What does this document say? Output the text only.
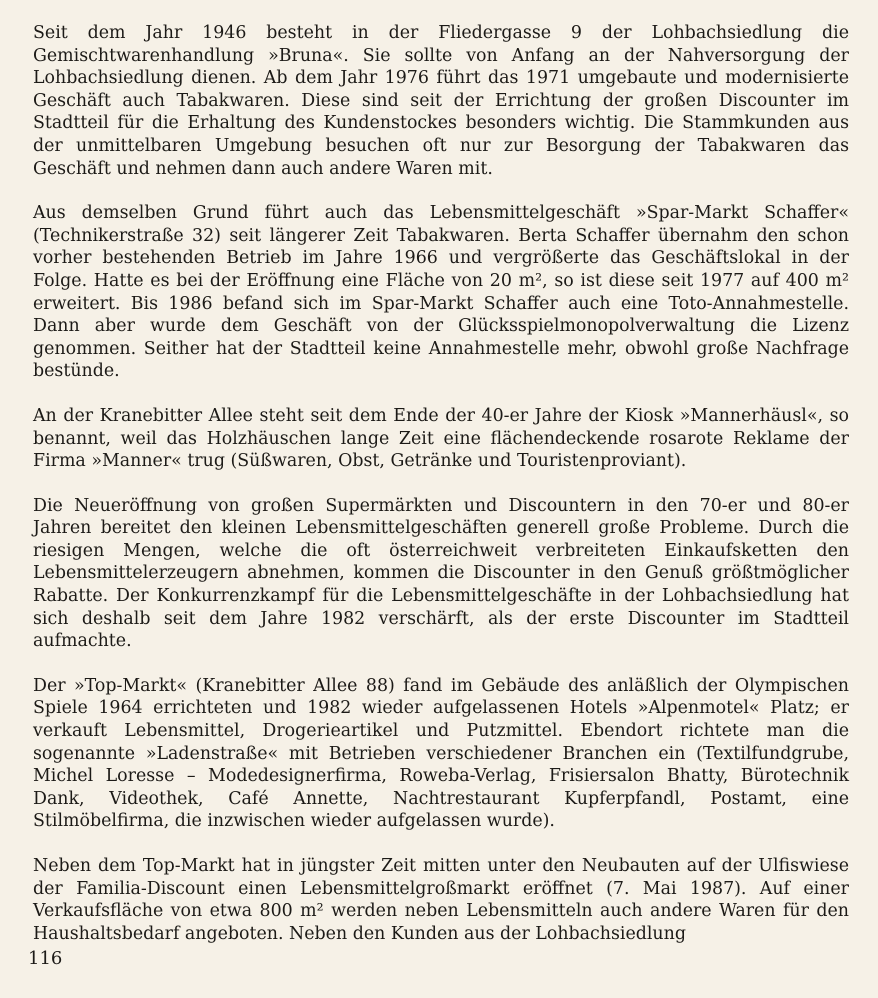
Seit dem Jahr 1946 besteht in der Fliedergasse 9 der Lohbachsiedlung die Gemischtwarenhandlung »Bruna«. Sie sollte von Anfang an der Nahversorgung der Lohbachsiedlung dienen. Ab dem Jahr 1976 führt das 1971 umgebaute und modernisierte Geschäft auch Tabakwaren. Diese sind seit der Errichtung der großen Discounter im Stadtteil für die Erhaltung des Kundenstockes besonders wichtig. Die Stammkunden aus der unmittelbaren Umgebung besuchen oft nur zur Besorgung der Tabakwaren das Geschäft und nehmen dann auch andere Waren mit.

Aus demselben Grund führt auch das Lebensmittelgeschäft »Spar-Markt Schaffer« (Technikerstraße 32) seit längerer Zeit Tabakwaren. Berta Schaffer übernahm den schon vorher bestehenden Betrieb im Jahre 1966 und vergrößerte das Geschäftslokal in der Folge. Hatte es bei der Eröffnung eine Fläche von 20 m², so ist diese seit 1977 auf 400 m² erweitert. Bis 1986 befand sich im Spar-Markt Schaffer auch eine Toto-Annahmestelle. Dann aber wurde dem Geschäft von der Glücksspielmonopolverwaltung die Lizenz genommen. Seither hat der Stadtteil keine Annahmestelle mehr, obwohl große Nachfrage bestünde.

An der Kranebitter Allee steht seit dem Ende der 40-er Jahre der Kiosk »Mannerhäusl«, so benannt, weil das Holzhäuschen lange Zeit eine flächendeckende rosarote Reklame der Firma »Manner« trug (Süßwaren, Obst, Getränke und Touristenproviant).

Die Neueröffnung von großen Supermärkten und Discountern in den 70-er und 80-er Jahren bereitet den kleinen Lebensmittelgeschäften generell große Probleme. Durch die riesigen Mengen, welche die oft österreichweit verbreiteten Einkaufsketten den Lebensmittelerzeugern abnehmen, kommen die Discounter in den Genuß größtmöglicher Rabatte. Der Konkurrenzkampf für die Lebensmittelgeschäfte in der Lohbachsiedlung hat sich deshalb seit dem Jahre 1982 verschärft, als der erste Discounter im Stadtteil aufmachte.

Der »Top-Markt« (Kranebitter Allee 88) fand im Gebäude des anläßlich der Olympischen Spiele 1964 errichteten und 1982 wieder aufgelassenen Hotels »Alpenmotel« Platz; er verkauft Lebensmittel, Drogerieartikel und Putzmittel. Ebendort richtete man die sogenannte »Ladenstraße« mit Betrieben verschiedener Branchen ein (Textilfundgrube, Michel Loresse – Modedesignerfirma, Roweba-Verlag, Frisiersalon Bhatty, Bürotechnik Dank, Videothek, Café Annette, Nachtrestaurant Kupferpfandl, Postamt, eine Stilmöbelfirma, die inzwischen wieder aufgelassen wurde).

Neben dem Top-Markt hat in jüngster Zeit mitten unter den Neubauten auf der Ulfiswiese der Familia-Discount einen Lebensmittelgroßmarkt eröffnet (7. Mai 1987). Auf einer Verkaufsfläche von etwa 800 m² werden neben Lebensmitteln auch andere Waren für den Haushaltsbedarf angeboten. Neben den Kunden aus der Lohbachsiedlung

116
